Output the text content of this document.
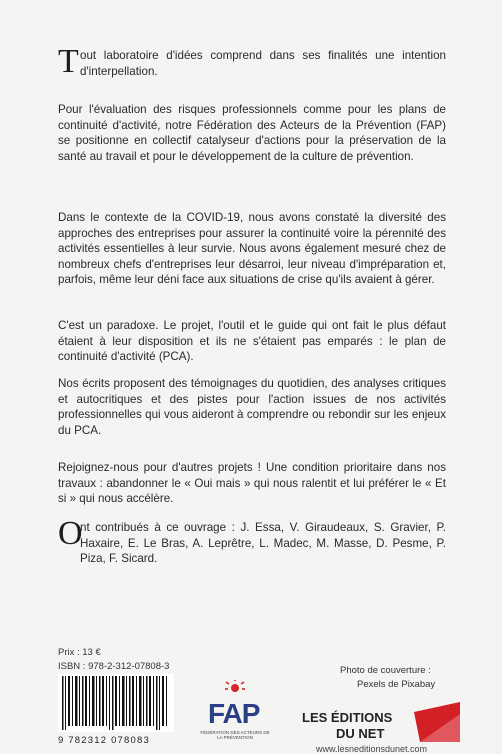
T out laboratoire d'idées comprend dans ses finalités une intention d'interpellation.

Pour l'évaluation des risques professionnels comme pour les plans de continuité d'activité, notre Fédération des Acteurs de la Prévention (FAP) se positionne en collectif catalyseur d'actions pour la préservation de la santé au travail et pour le développement de la culture de prévention.

Dans le contexte de la COVID-19, nous avons constaté la diversité des approches des entreprises pour assurer la continuité voire la pérennité des activités essentielles à leur survie. Nous avons également mesuré chez de nombreux chefs d'entreprises leur désarroi, leur niveau d'impréparation et, parfois, même leur déni face aux situations de crise qu'ils avaient à gérer.

C'est un paradoxe. Le projet, l'outil et le guide qui ont fait le plus défaut étaient à leur disposition et ils ne s'étaient pas emparés : le plan de continuité d'activité (PCA).

Nos écrits proposent des témoignages du quotidien, des analyses critiques et autocritiques et des pistes pour l'action issues de nos activités professionnelles qui vous aideront à comprendre ou rebondir sur les enjeux du PCA.

Rejoignez-nous pour d'autres projets ! Une condition prioritaire dans nos travaux : abandonner le « Oui mais » qui nous ralentit et lui préférer le « Et si » qui nous accélère.

O

nt contribués à ce ouvrage : J. Essa, V. Giraudeaux, S. Gravier, P. Haxaire, E. Le Bras, A. Leprêtre, L. Madec, M. Masse, D. Pesme, P. Piza, F. Sicard.

Prix : 13 €
ISBN : 978-2-312-07808-3
9 782312 078083
FAP
FÉDÉRATION DES ACTEURS DE LA PRÉVENTION
Photo de couverture :
Pexels de Pixabay
LES ÉDITIONS
DU NET
www.lesneditionsdunet.com
